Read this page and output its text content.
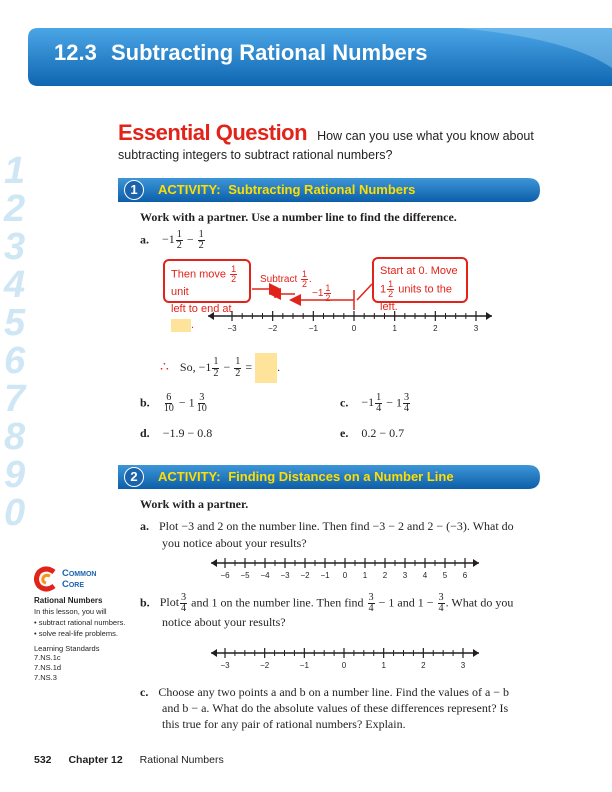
12.3 Subtracting Rational Numbers
1
2
3
4
5
6
7
8
9
0
Essential Question How can you use what you know about
subtracting integers to subtract rational numbers?
1	ACTIVITY: Subtracting Rational Numbers
Work with a partner. Use a number line to find the difference.
a. $-1 \frac{1}{2} - \frac{1}{2}$
Then move $\frac{1}{2}$
unit
left to end at .
Subtract $\frac{1}{2}$ .
$-1 \frac{1}{2}$
Start at 0. Move
$1 \frac{1}{2}$ units to the left.
−3	−2	−1	0	1	2	3
∴ So, $-1 \frac{1}{2} - \frac{1}{2}$ = .
b. $\frac{6}{10} - 1 \frac{3}{10}$	c. $-1 \frac{1}{4} - 1 \frac{3}{4}$
d. −1.9 − 0.8	e. 0.2 − 0.7
2	ACTIVITY: Finding Distances on a Number Line
Work with a partner.
a. Plot −3 and 2 on the number line. Then find −3 − 2 and 2 − (−3). What do
you notice about your results?
−6 −5 −4 −3 −2 −1 0 1 2 3 4 5 6
b. Plot $\frac{3}{4}$ and 1 on the number line. Then find $\frac{3}{4} - 1$ and $1 - \frac{3}{4}$ . What do you
notice about your results?
−3	−2	−1	0	1	2	3
c. Choose any two points a and b on a number line. Find the values of a − b
and b − a. What do the absolute values of these differences represent? Is
this true for any pair of rational numbers? Explain.
Common
Core
Rational Numbers
In this lesson, you will
• subtract rational numbers.
• solve real-life problems.
Learning Standards
7.NS.1c
7.NS.1d
7.NS.3
532 Chapter 12 Rational Numbers
